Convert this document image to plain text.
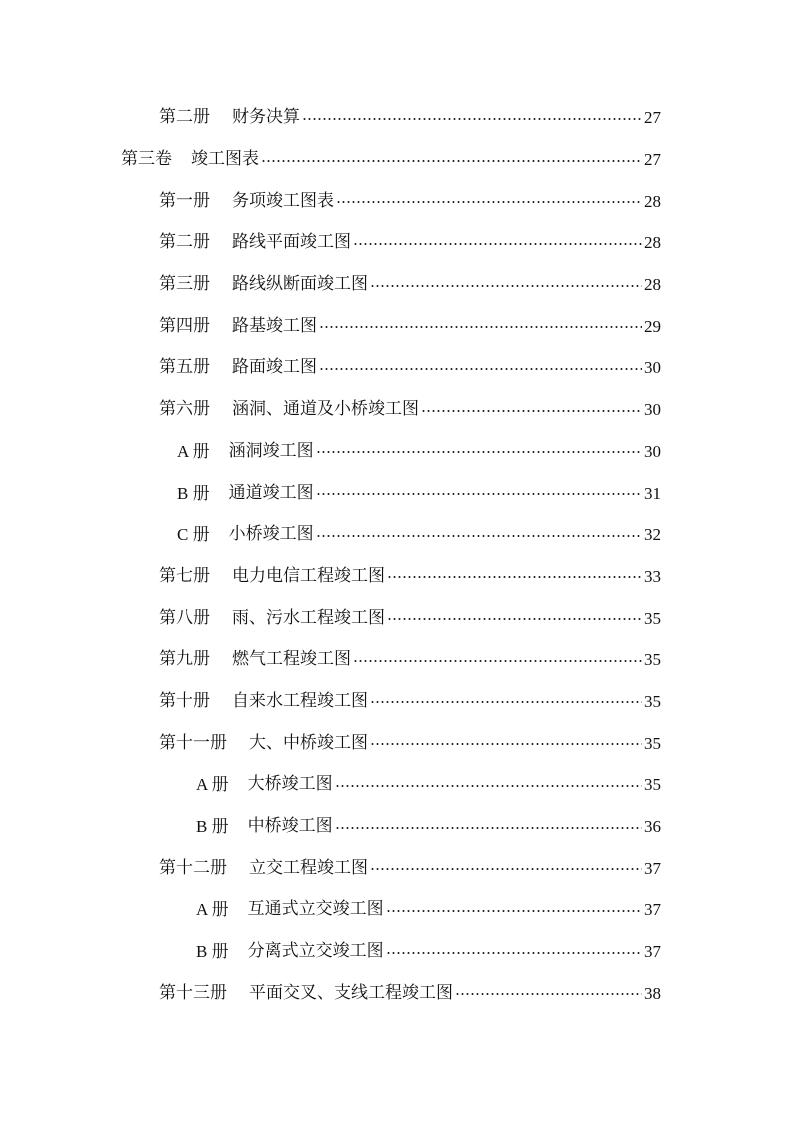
第二册 财务决算	27
第三卷 竣工图表	27
第一册 务项竣工图表	28
第二册 路线平面竣工图	28
第三册 路线纵断面竣工图	28
第四册 路基竣工图	29
第五册 路面竣工图	30
第六册 涵洞、通道及小桥竣工图	30
A 册 涵洞竣工图	30
B 册 通道竣工图	31
C 册 小桥竣工图	32
第七册 电力电信工程竣工图	33
第八册 雨、污水工程竣工图	35
第九册 燃气工程竣工图	35
第十册 自来水工程竣工图	35
第十一册 大、中桥竣工图	35
A 册 大桥竣工图	35
B 册 中桥竣工图	36
第十二册 立交工程竣工图	37
A 册 互通式立交竣工图	37
B 册 分离式立交竣工图	37
第十三册 平面交叉、支线工程竣工图	38
